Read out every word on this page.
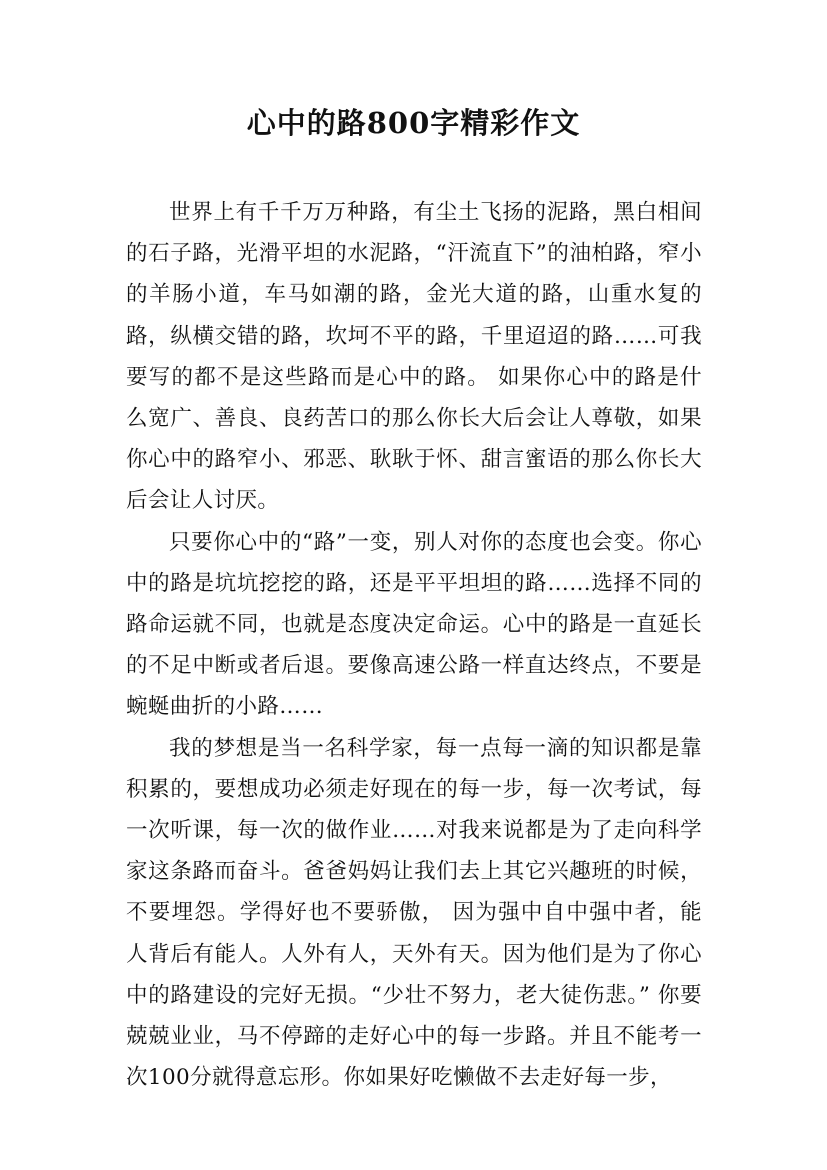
心中的路800字精彩作文

世界上有千千万万种路，有尘土飞扬的泥路，黑白相间的石子路，光滑平坦的水泥路，“汗流直下”的油柏路，窄小的羊肠小道，车马如潮的路，金光大道的路，山重水复的路，纵横交错的路，坎坷不平的路，千里迢迢的路……可我要写的都不是这些路而是心中的路。 如果你心中的路是什么宽广、善良、良药苦口的那么你长大后会让人尊敬，如果你心中的路窄小、邪恶、耿耿于怀、甜言蜜语的那么你长大后会让人讨厌。

只要你心中的“路”一变，别人对你的态度也会变。你心中的路是坑坑挖挖的路，还是平平坦坦的路……选择不同的路命运就不同，也就是态度决定命运。心中的路是一直延长的不足中断或者后退。要像高速公路一样直达终点，不要是蜿蜒曲折的小路……

我的梦想是当一名科学家，每一点每一滴的知识都是靠积累的，要想成功必须走好现在的每一步，每一次考试，每一次听课，每一次的做作业……对我来说都是为了走向科学家这条路而奋斗。爸爸妈妈让我们去上其它兴趣班的时候，不要埋怨。学得好也不要骄傲， 因为强中自中强中者，能人背后有能人。人外有人，天外有天。因为他们是为了你心中的路建设的完好无损。“少壮不努力，老大徒伤悲。” 你要兢兢业业，马不停蹄的走好心中的每一步路。并且不能考一次100分就得意忘形。你如果好吃懒做不去走好每一步，
